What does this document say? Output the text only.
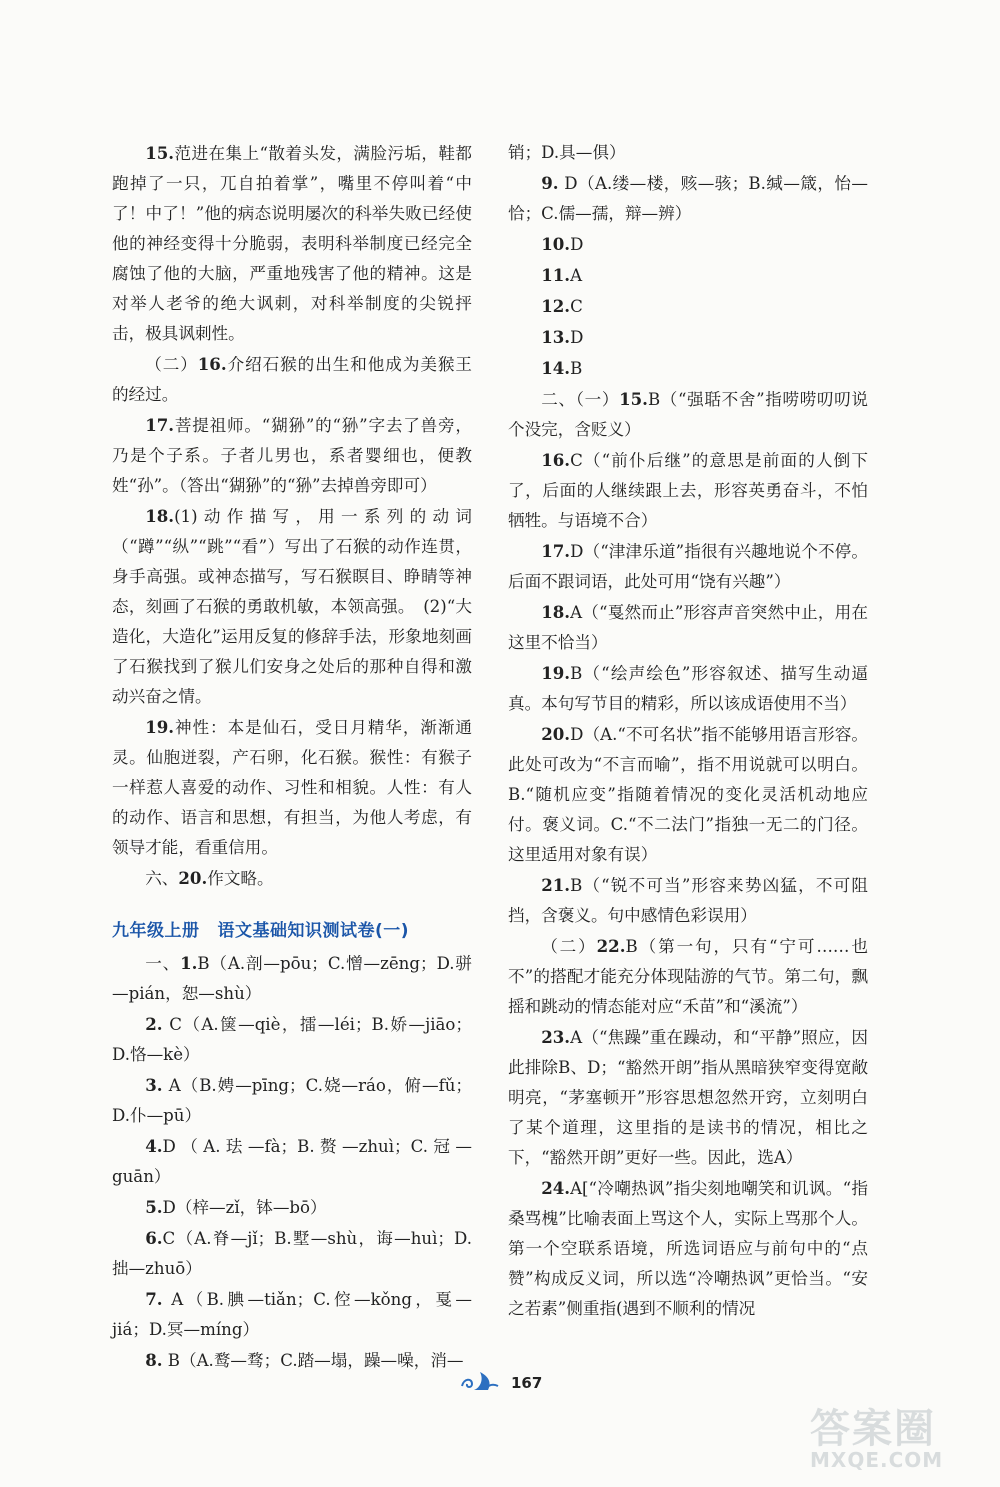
15.范进在集上“散着头发，满脸污垢，鞋都跑掉了一只，兀自拍着掌”，嘴里不停叫着“中了！中了！”他的病态说明屡次的科举失败已经使他的神经变得十分脆弱，表明科举制度已经完全腐蚀了他的大脑，严重地残害了他的精神。这是对举人老爷的绝大讽刺，对科举制度的尖锐抨击，极具讽刺性。
（二）16.介绍石猴的出生和他成为美猴王的经过。
17.菩提祖师。“猢狲”的“狲”字去了兽旁，乃是个子系。子者儿男也，系者婴细也，便教姓“孙”。（答出“猢狲”的“狲”去掉兽旁即可）
18.(1)动作描写，用一系列的动词（“蹲”“纵”“跳”“看”）写出了石猴的动作连贯，身手高强。或神态描写，写石猴瞑目、睁睛等神态，刻画了石猴的勇敢机敏，本领高强。　(2)“大造化，大造化”运用反复的修辞手法，形象地刻画了石猴找到了猴儿们安身之处后的那种自得和激动兴奋之情。
19.神性：本是仙石，受日月精华，渐渐通灵。仙胞迸裂，产石卵，化石猴。猴性：有猴子一样惹人喜爱的动作、习性和相貌。人性：有人的动作、语言和思想，有担当，为他人考虑，有领导才能，看重信用。
六、20.作文略。
九年级上册 语文基础知识测试卷(一)
一、1.B（A.剖—pōu；C.憎—zēng；D.骈—pián，恕—shù）
2. C（A.箧—qiè，擂—léi；B.娇—jiāo；D.恪—kè）
3. A（B.娉—pīng；C.娆—ráo，俯—fǔ；D.仆—pū）
4.D（A.珐—fà；B.赘—zhuì；C.冠—guān）
5.D（梓—zǐ，钵—bō）
6.C（A.脊—jǐ；B.墅—shù，诲—huì；D.拙—zhuō）
7. A（B.腆—tiǎn；C.倥—kǒng，戛—jiá；D.冥—míng）
8. B（A.鹜—骛；C.踏—塌，躁—噪，消—
销；D.具—俱）
9. D（A.缕—楼，赅—骇；B.缄—箴，怡—恰；C.儒—孺，辩—辨）
10.D
11.A
12.C
13.D
14.B
二、（一）15.B（“强聒不舍”指唠唠叨叨说个没完，含贬义）
16.C（“前仆后继”的意思是前面的人倒下了，后面的人继续跟上去，形容英勇奋斗，不怕牺牲。与语境不合）
17.D（“津津乐道”指很有兴趣地说个不停。后面不跟词语，此处可用“饶有兴趣”）
18.A（“戛然而止”形容声音突然中止，用在这里不恰当）
19.B（“绘声绘色”形容叙述、描写生动逼真。本句写节目的精彩，所以该成语使用不当）
20.D（A.“不可名状”指不能够用语言形容。此处可改为“不言而喻”，指不用说就可以明白。B.“随机应变”指随着情况的变化灵活机动地应付。褒义词。C.“不二法门”指独一无二的门径。这里适用对象有误）
21.B（“锐不可当”形容来势凶猛，不可阻挡，含褒义。句中感情色彩误用）
（二）22.B（第一句，只有“宁可……也不”的搭配才能充分体现陆游的气节。第二句，飘摇和跳动的情态能对应“禾苗”和“溪流”）
23.A（“焦躁”重在躁动，和“平静”照应，因此排除B、D；“豁然开朗”指从黑暗狭窄变得宽敞明亮，“茅塞顿开”形容思想忽然开窍，立刻明白了某个道理，这里指的是读书的情况，相比之下，“豁然开朗”更好一些。因此，选A）
24.A[“冷嘲热讽”指尖刻地嘲笑和讥讽。“指桑骂槐”比喻表面上骂这个人，实际上骂那个人。第一个空联系语境，所选词语应与前句中的“点赞”构成反义词，所以选“冷嘲热讽”更恰当。“安之若素”侧重指(遇到不顺利的情况
167
答案圈
MXQE.COM
